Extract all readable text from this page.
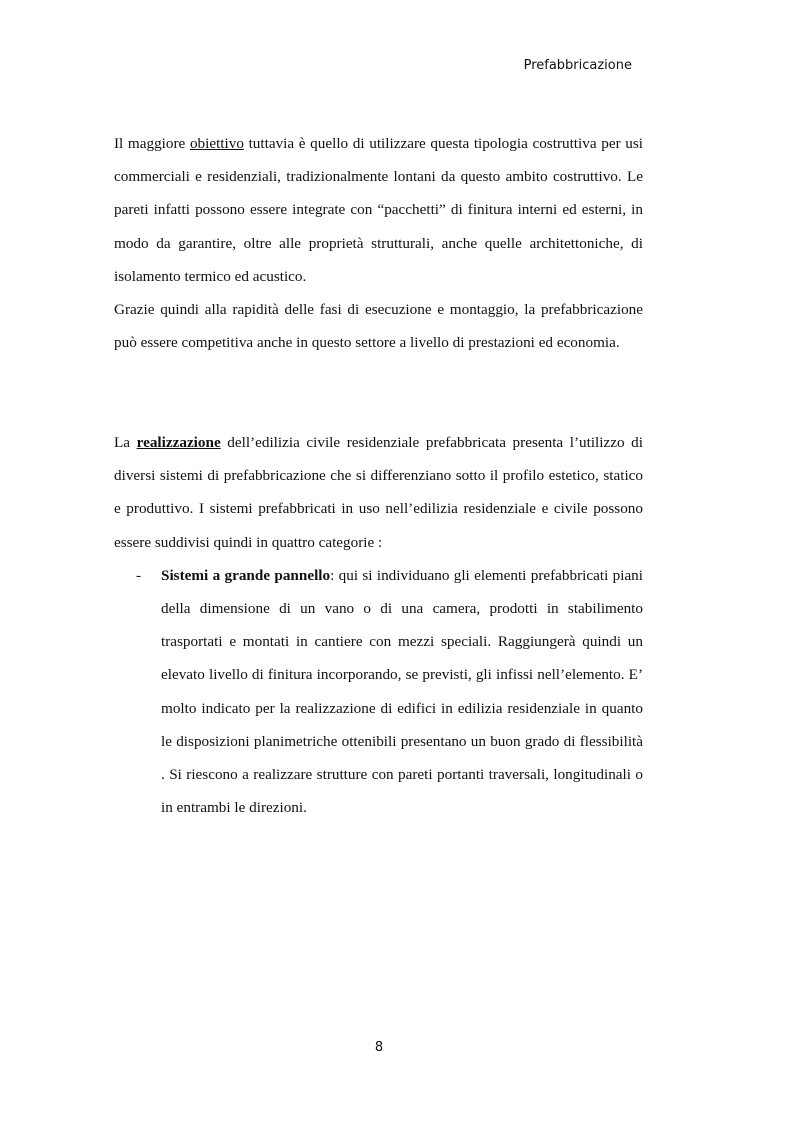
Prefabbricazione

Il maggiore obiettivo tuttavia è quello di utilizzare questa tipologia costruttiva per usi commerciali e residenziali, tradizionalmente lontani da questo ambito costruttivo. Le pareti infatti possono essere integrate con “pacchetti” di finitura interni ed esterni, in modo da garantire, oltre alle proprietà strutturali, anche quelle architettoniche, di isolamento termico ed acustico.

Grazie quindi alla rapidità delle fasi di esecuzione e montaggio, la prefabbricazione può essere competitiva anche in questo settore a livello di prestazioni ed economia.

La realizzazione dell’edilizia civile residenziale prefabbricata presenta l’utilizzo di diversi sistemi di prefabbricazione che si differenziano sotto il profilo estetico, statico e produttivo. I sistemi prefabbricati in uso nell’edilizia residenziale e civile possono essere suddivisi quindi in quattro categorie :

- Sistemi a grande pannello: qui si individuano gli elementi prefabbricati piani della dimensione di un vano o di una camera, prodotti in stabilimento trasportati e montati in cantiere con mezzi speciali. Raggiungerà quindi un elevato livello di finitura incorporando, se previsti, gli infissi nell’elemento. E’ molto indicato per la realizzazione di edifici in edilizia residenziale in quanto le disposizioni planimetriche ottenibili presentano un buon grado di flessibilità . Si riescono a realizzare strutture con pareti portanti traversali, longitudinali o in entrambi le direzioni.

8
